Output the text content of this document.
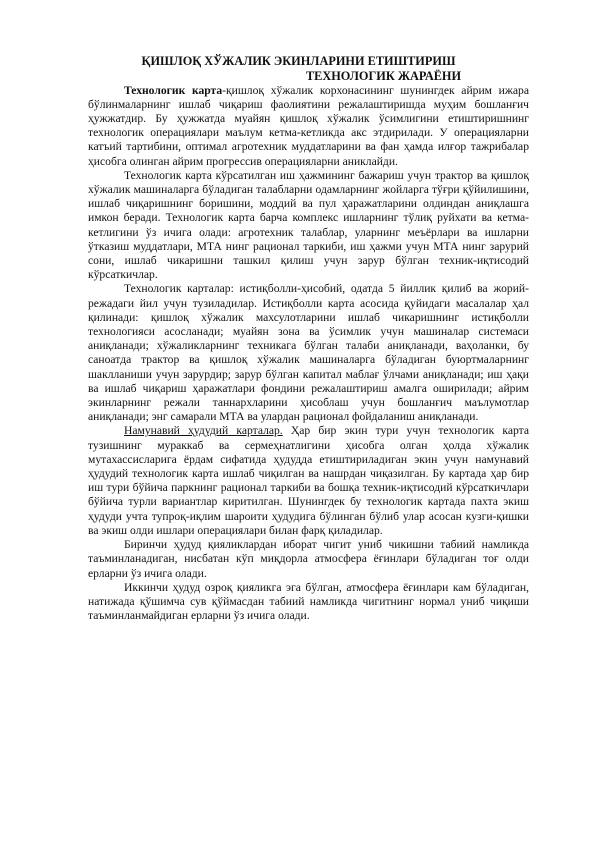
ҚИШЛОҚ ХЎЖАЛИК ЭКИНЛАРИНИ ЕТИШТИРИШ
ТЕХНОЛОГИК ЖАРАЁНИ

Технологик карта-қишлоқ хўжалик корхонасининг шунингдек айрим ижара бўлинмаларнинг ишлаб чиқариш фаолиятини режалаштиришда муҳим бошланғич ҳужжатдир. Бу ҳужжатда муайян қишлоқ хўжалик ўсимлигини етиштиришнинг технологик операциялари маълум кетма-кетликда акс этдирилади. У операцияларни катъий тартибини, оптимал агротехник муддатларини ва фан ҳамда илғор тажрибалар ҳисобга олинган айрим прогрессив операцияларни аниклайди.

Технологик карта кўрсатилган иш ҳажмининг бажариш учун трактор ва қишлоқ хўжалик машиналарга бўладиган талабларни одамларнинг жойларга тўғри қўйилишини, ишлаб чиқаришнинг боришини, моддий ва пул ҳаражатларини олдиндан аниқлашга имкон беради. Технологик карта барча комплекс ишларнинг тўлиқ руйхати ва кетма-кетлигини ўз ичига олади: агротехник талаблар, уларнинг меъёрлари ва ишларни ўтказиш муддатлари, МТА нинг рационал таркиби, иш ҳажми учун МТА нинг зарурий сони, ишлаб чикаришни ташкил қилиш учун зарур бўлган техник-иқтисодий кўрсаткичлар.

Технологик карталар: истиқболли-ҳисобий, одатда 5 йиллик қилиб ва жорий-режадаги йил учун тузиладилар. Истиқболли карта асосида қуйидаги масалалар ҳал қилинади: қишлоқ хўжалик махсулотларини ишлаб чикаришнинг истиқболли технологияси асосланади; муайян зона ва ўсимлик учун машиналар системаси аниқланади; хўжаликларнинг техникага бўлган талаби аниқланади, ваҳоланки, бу саноатда трактор ва қишлоқ хўжалик машиналарга бўладиган буюртмаларнинг шаклланиши учун зарурдир; зарур бўлган капитал маблағ ўлчами аниқланади; иш ҳақи ва ишлаб чиқариш ҳаражатлари фондини режалаштириш амалга оширилади; айрим экинларнинг режали таннархларини ҳисоблаш учун бошланғич маълумотлар аниқланади; энг самарали МТА ва улардан рационал фойдаланиш аниқланади.

Намунавий ҳудудий карталар. Ҳар бир экин тури учун технологик карта тузишнинг мураккаб ва сермеҳнатлигини ҳисобга олган ҳолда хўжалик мутахассисларига ёрдам сифатида ҳудудда етиштириладиган экин учун намунавий ҳудудий технологик карта ишлаб чиқилган ва нашрдан чиқазилган. Бу картада ҳар бир иш тури бўйича паркнинг рационал таркиби ва бошқа техник-иқтисодий кўрсаткичлари бўйича турли вариантлар киритилган. Шунингдек бу технологик картада пахта экиш ҳудуди учта тупроқ-иқлим шароити ҳудудига бўлинган бўлиб улар асосан кузги-қишки ва экиш олди ишлари операциялари билан фарқ қиладилар.

Биринчи ҳудуд қияликлардан иборат чигит униб чикишни табиий намликда таъминланадиган, нисбатан кўп миқдорла атмосфера ёғинлари бўладиган тоғ олди ерларни ўз ичига олади.

Иккинчи ҳудуд озроқ қияликга эга бўлган, атмосфера ёғинлари кам бўладиган, натижада қўшимча сув қўймасдан табиий намликда чигитнинг нормал униб чиқиши таъминланмайдиган ерларни ўз ичига олади.
